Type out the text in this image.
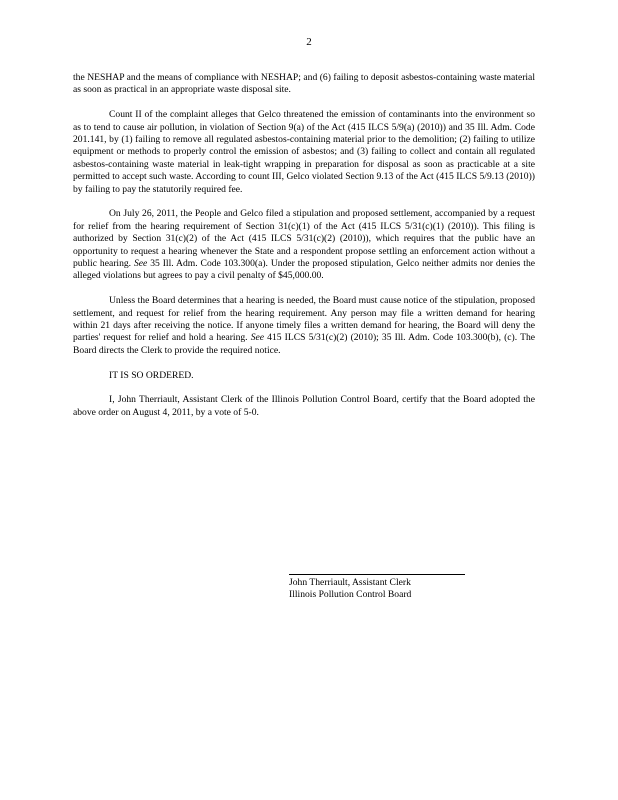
2

the NESHAP and the means of compliance with NESHAP; and (6) failing to deposit asbestos-containing waste material as soon as practical in an appropriate waste disposal site.

Count II of the complaint alleges that Gelco threatened the emission of contaminants into the environment so as to tend to cause air pollution, in violation of Section 9(a) of the Act (415 ILCS 5/9(a) (2010)) and 35 Ill. Adm. Code 201.141, by (1) failing to remove all regulated asbestos-containing material prior to the demolition; (2) failing to utilize equipment or methods to properly control the emission of asbestos; and (3) failing to collect and contain all regulated asbestos-containing waste material in leak-tight wrapping in preparation for disposal as soon as practicable at a site permitted to accept such waste. According to count III, Gelco violated Section 9.13 of the Act (415 ILCS 5/9.13 (2010)) by failing to pay the statutorily required fee.

On July 26, 2011, the People and Gelco filed a stipulation and proposed settlement, accompanied by a request for relief from the hearing requirement of Section 31(c)(1) of the Act (415 ILCS 5/31(c)(1) (2010)). This filing is authorized by Section 31(c)(2) of the Act (415 ILCS 5/31(c)(2) (2010)), which requires that the public have an opportunity to request a hearing whenever the State and a respondent propose settling an enforcement action without a public hearing. See 35 Ill. Adm. Code 103.300(a). Under the proposed stipulation, Gelco neither admits nor denies the alleged violations but agrees to pay a civil penalty of $45,000.00.

Unless the Board determines that a hearing is needed, the Board must cause notice of the stipulation, proposed settlement, and request for relief from the hearing requirement. Any person may file a written demand for hearing within 21 days after receiving the notice. If anyone timely files a written demand for hearing, the Board will deny the parties' request for relief and hold a hearing. See 415 ILCS 5/31(c)(2) (2010); 35 Ill. Adm. Code 103.300(b), (c). The Board directs the Clerk to provide the required notice.

IT IS SO ORDERED.

I, John Therriault, Assistant Clerk of the Illinois Pollution Control Board, certify that the Board adopted the above order on August 4, 2011, by a vote of 5-0.

John Therriault, Assistant Clerk
Illinois Pollution Control Board
